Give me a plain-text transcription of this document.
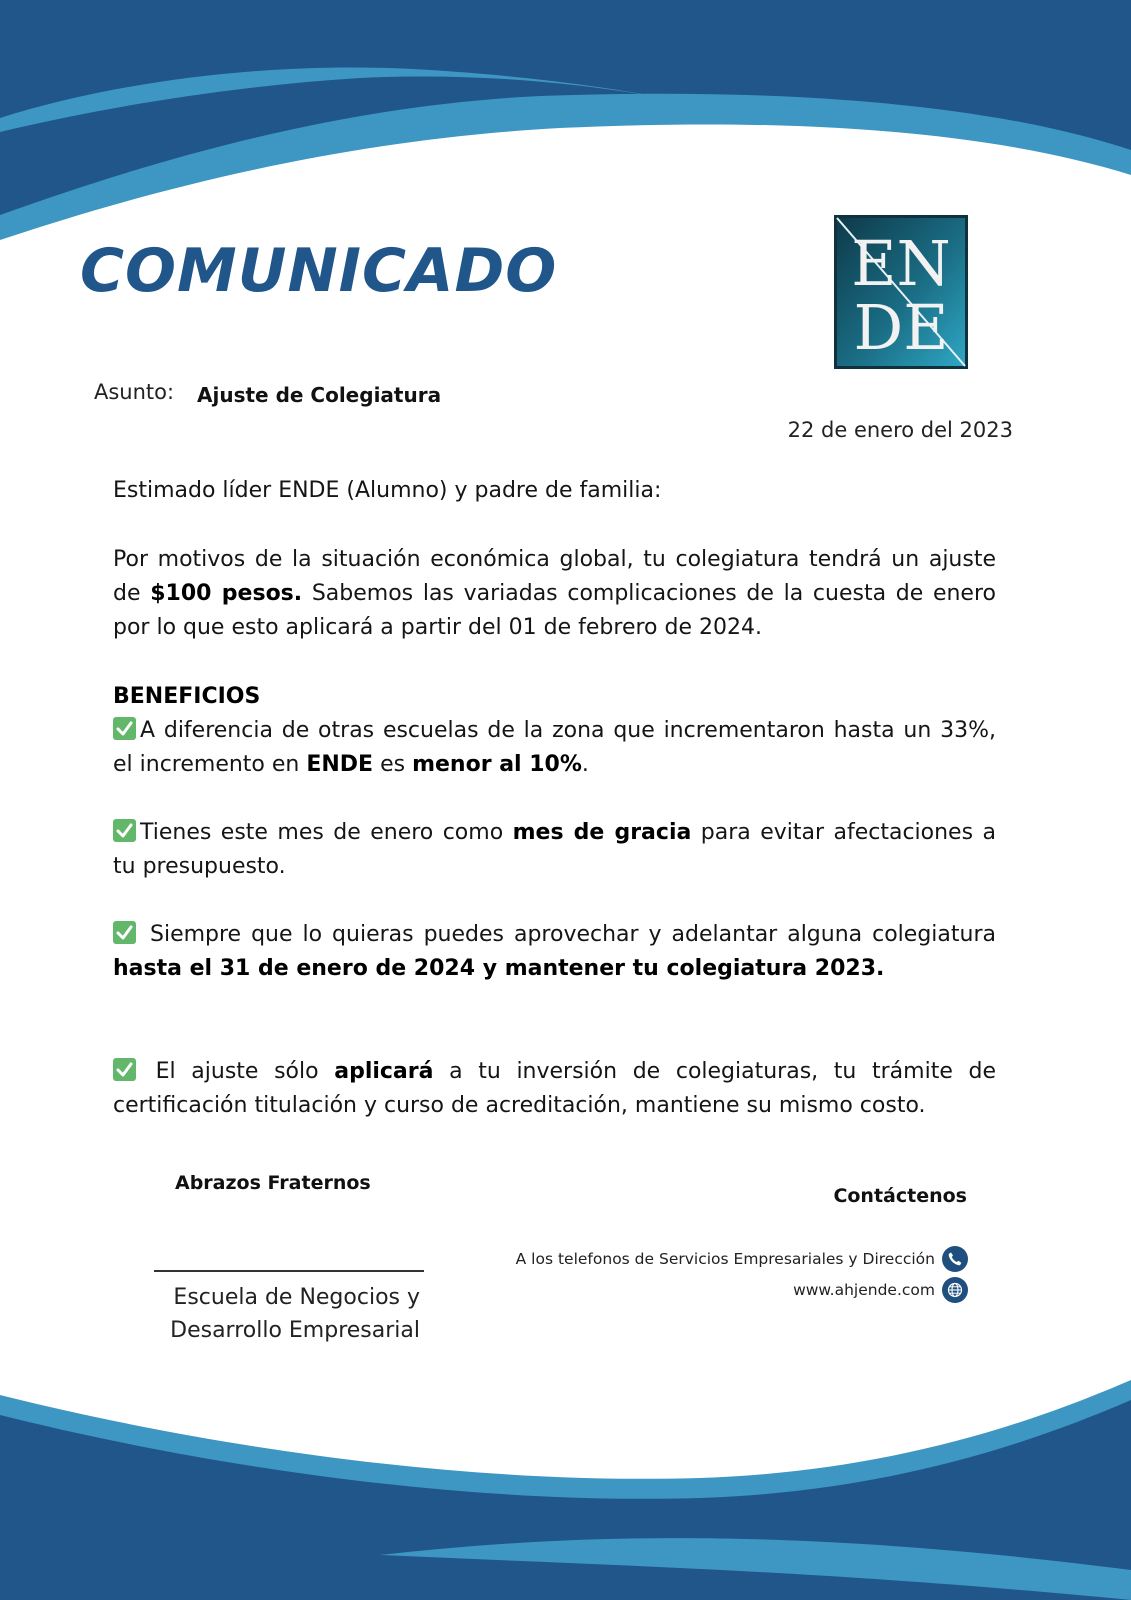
COMUNICADO	EN
DE
Asunto: Ajuste de Colegiatura
22 de enero del 2023

Estimado líder ENDE (Alumno) y padre de familia:

Por motivos de la situación económica global, tu colegiatura tendrá un ajuste de $100 pesos. Sabemos las variadas complicaciones de la cuesta de enero por lo que esto aplicará a partir del 01 de febrero de 2024.

BENEFICIOS

A diferencia de otras escuelas de la zona que incrementaron hasta un 33%, el incremento en ENDE es menor al 10%.

Tienes este mes de enero como mes de gracia para evitar afectaciones a tu presupuesto.

Siempre que lo quieras puedes aprovechar y adelantar alguna colegiatura hasta el 31 de enero de 2024 y mantener tu colegiatura 2023.

El ajuste sólo aplicará a tu inversión de colegiaturas, tu trámite de certificación titulación y curso de acreditación, mantiene su mismo costo.

Abrazos Fraternos
Escuela de Negocios y
Desarrollo Empresarial
Contáctenos
A los telefonos de Servicios Empresariales y Dirección
www.ahjende.com
